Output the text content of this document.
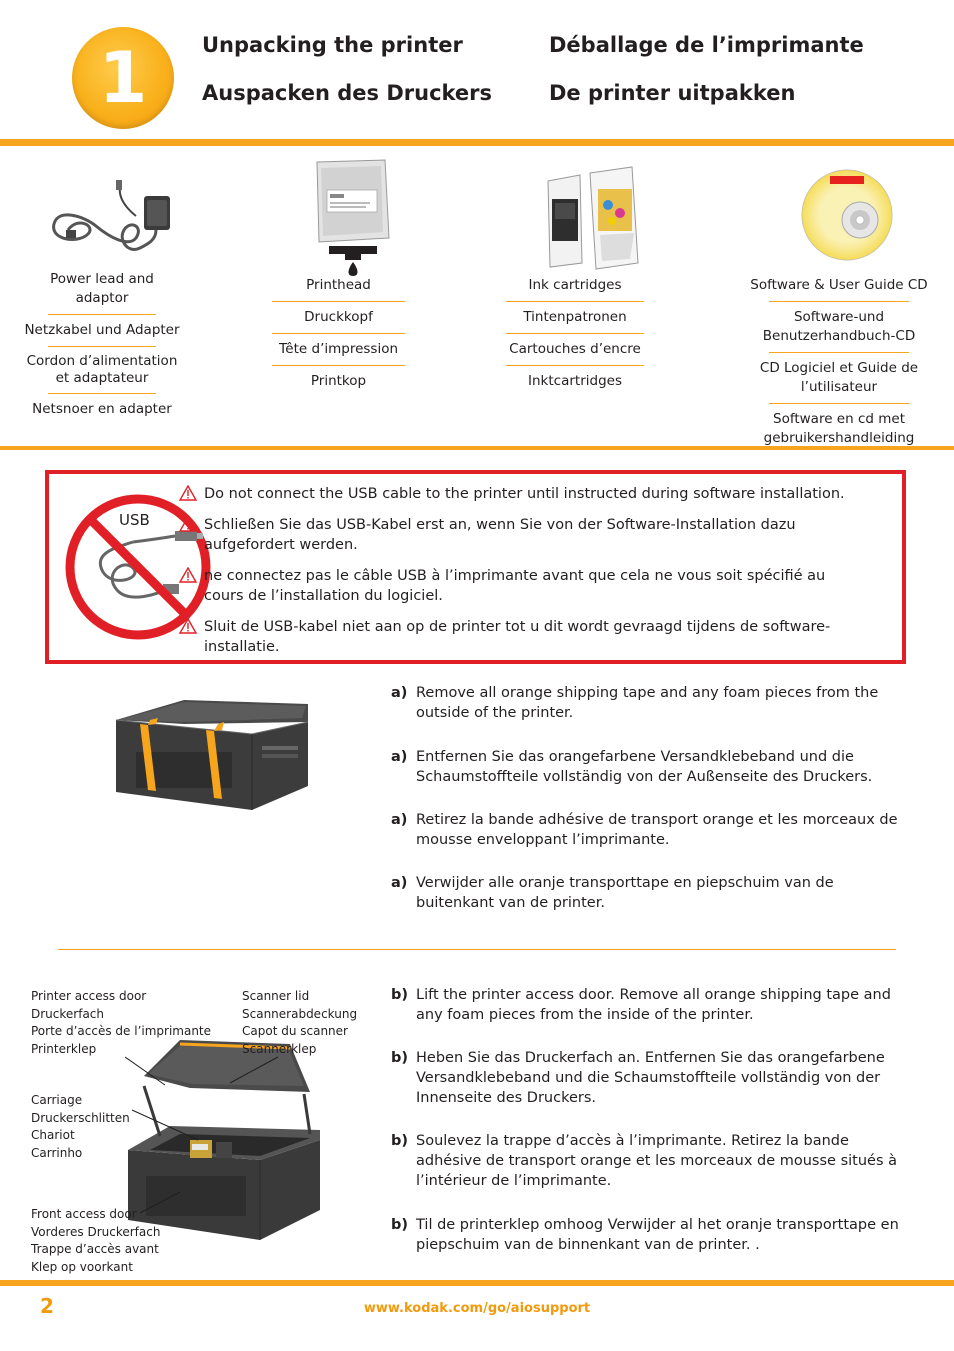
1	Unpacking the printer	Déballage de l’imprimante
Auspacken des Druckers	De printer uitpakken
Power lead and adaptor
Netzkabel und Adapter
Cordon d’alimentation
et adaptateur
Netsnoer en adapter
Printhead
Druckkopf
Tête d’impression
Printkop
Ink cartridges
Tintenpatronen
Cartouches d’encre
Inktcartridges
Software & User Guide CD
Software-und
Benutzerhandbuch-CD
CD Logiciel et Guide de
l’utilisateur
Software en cd met
gebruikershandleiding
USB
Do not connect the USB cable to the printer until instructed during software installation.
Schließen Sie das USB-Kabel erst an, wenn Sie von der Software-Installation dazu aufgefordert werden.
ne connectez pas le câble USB à l’imprimante avant que cela ne vous soit spécifié au cours de l’installation du logiciel.
Sluit de USB-kabel niet aan op de printer tot u dit wordt gevraagd tijdens de software-installatie.
a) Remove all orange shipping tape and any foam pieces from the outside of the printer.
a) Entfernen Sie das orangefarbene Versandklebeband und die Schaumstoffteile vollständig von der Außenseite des Druckers.
a) Retirez la bande adhésive de transport orange et les morceaux de mousse enveloppant l’imprimante.
a) Verwijder alle oranje transporttape en piepschuim van de buitenkant van de printer.
Printer access door
Druckerfach
Porte d’accès de l’imprimante
Printerklep
Scanner lid
Scannerabdeckung
Capot du scanner
Scannerklep
Carriage
Druckerschlitten
Chariot
Carrinho
Front access door
Vorderes Druckerfach
Trappe d’accès avant
Klep op voorkant
b) Lift the printer access door. Remove all orange shipping tape and any foam pieces from the inside of the printer.
b) Heben Sie das Druckerfach an. Entfernen Sie das orangefarbene Versandklebeband und die Schaumstoffteile vollständig von der Innenseite des Druckers.
b) Soulevez la trappe d’accès à l’imprimante. Retirez la bande adhésive de transport orange et les morceaux de mousse situés à l’intérieur de l’imprimante.
b) Til de printerklep omhoog Verwijder al het oranje transporttape en piepschuim van de binnenkant van de printer. .
2	www.kodak.com/go/aiosupport
